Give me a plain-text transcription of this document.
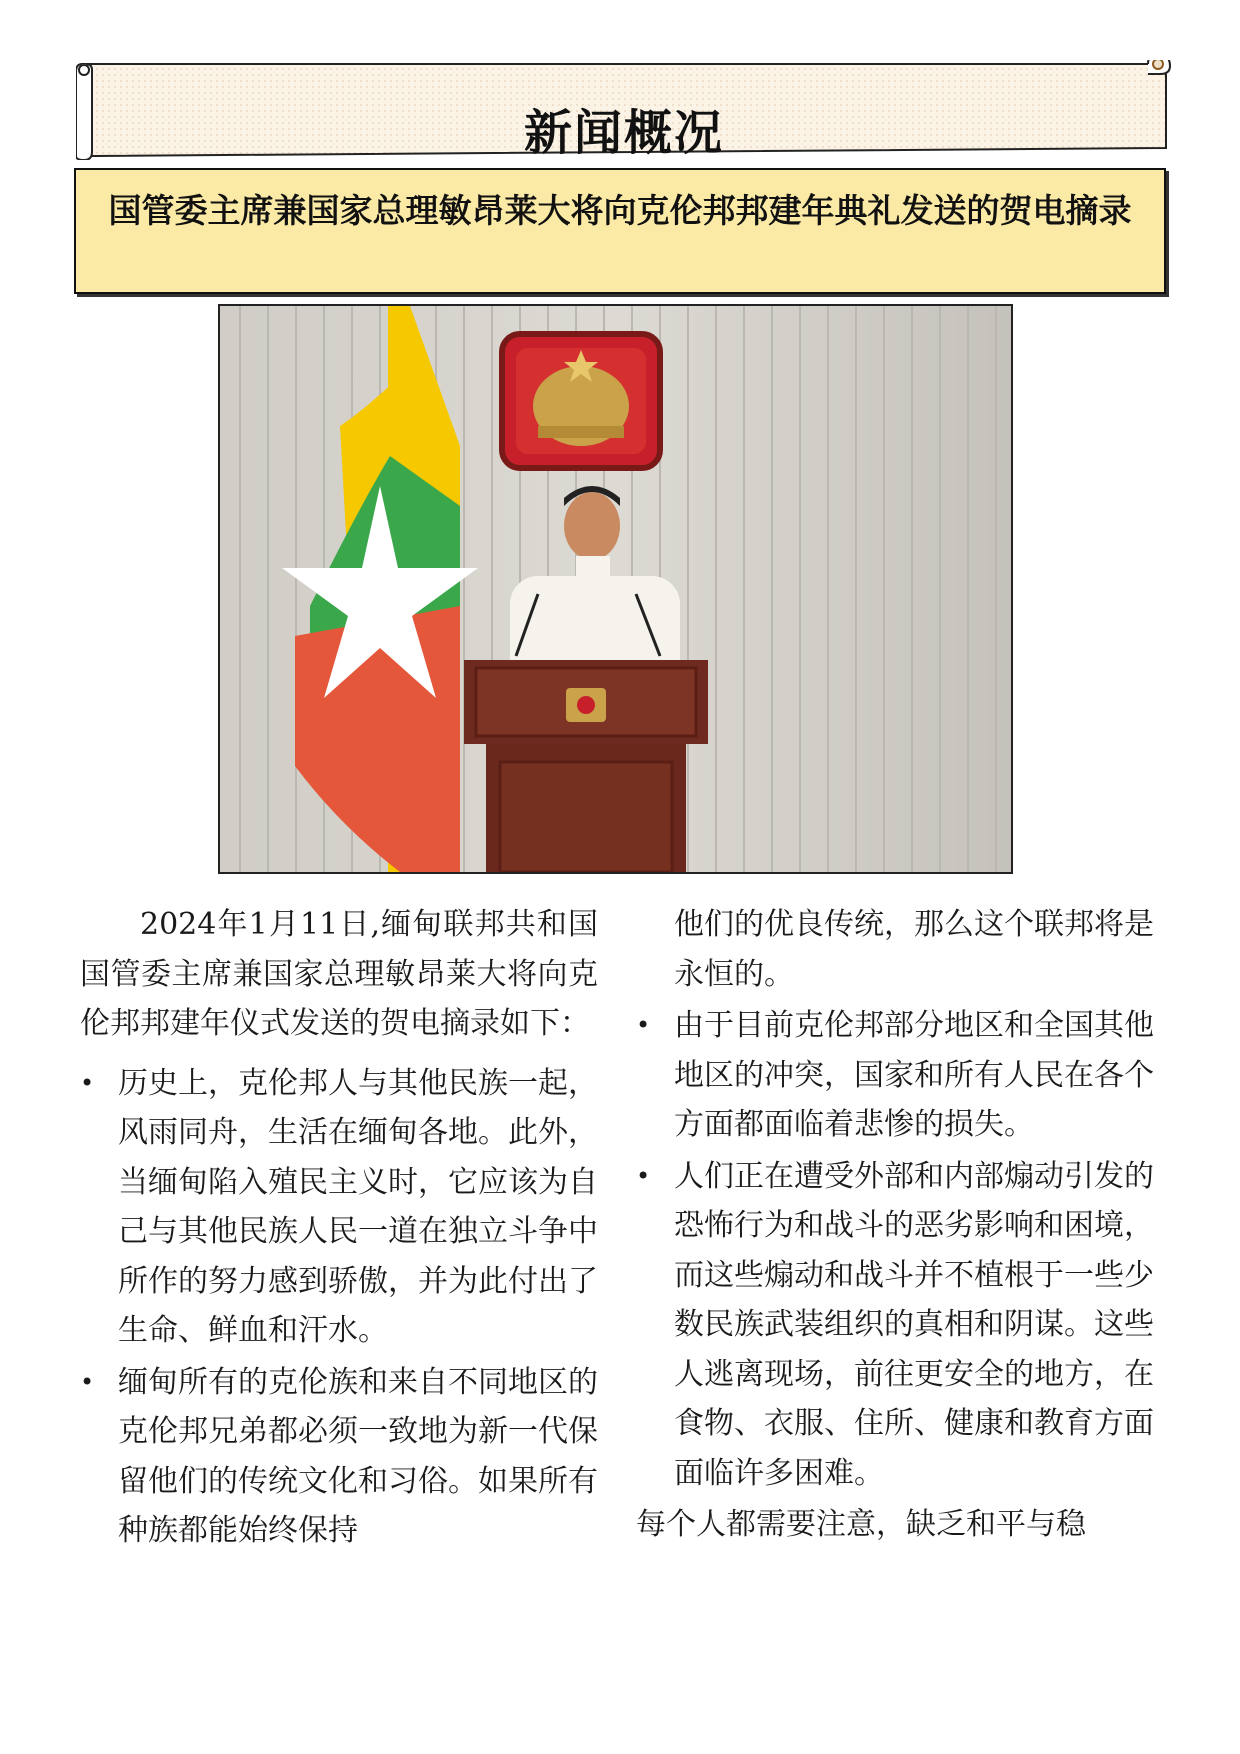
新闻概况
国管委主席兼国家总理敏昂莱大将向克伦邦邦建年典礼发送的贺电摘录

2024年1月11日,缅甸联邦共和国国管委主席兼国家总理敏昂莱大将向克伦邦邦建年仪式发送的贺电摘录如下：

• 历史上，克伦邦人与其他民族一起，风雨同舟，生活在缅甸各地。此外，当缅甸陷入殖民主义时，它应该为自己与其他民族人民一道在独立斗争中所作的努力感到骄傲，并为此付出了生命、鲜血和汗水。
• 缅甸所有的克伦族和来自不同地区的克伦邦兄弟都必须一致地为新一代保留他们的传统文化和习俗。如果所有种族都能始终保持
他们的优良传统，那么这个联邦将是永恒的。
• 由于目前克伦邦部分地区和全国其他地区的冲突，国家和所有人民在各个方面都面临着悲惨的损失。
• 人们正在遭受外部和内部煽动引发的恐怖行为和战斗的恶劣影响和困境，而这些煽动和战斗并不植根于一些少数民族武装组织的真相和阴谋。这些人逃离现场，前往更安全的地方，在食物、衣服、住所、健康和教育方面面临许多困难。

每个人都需要注意，缺乏和平与稳
